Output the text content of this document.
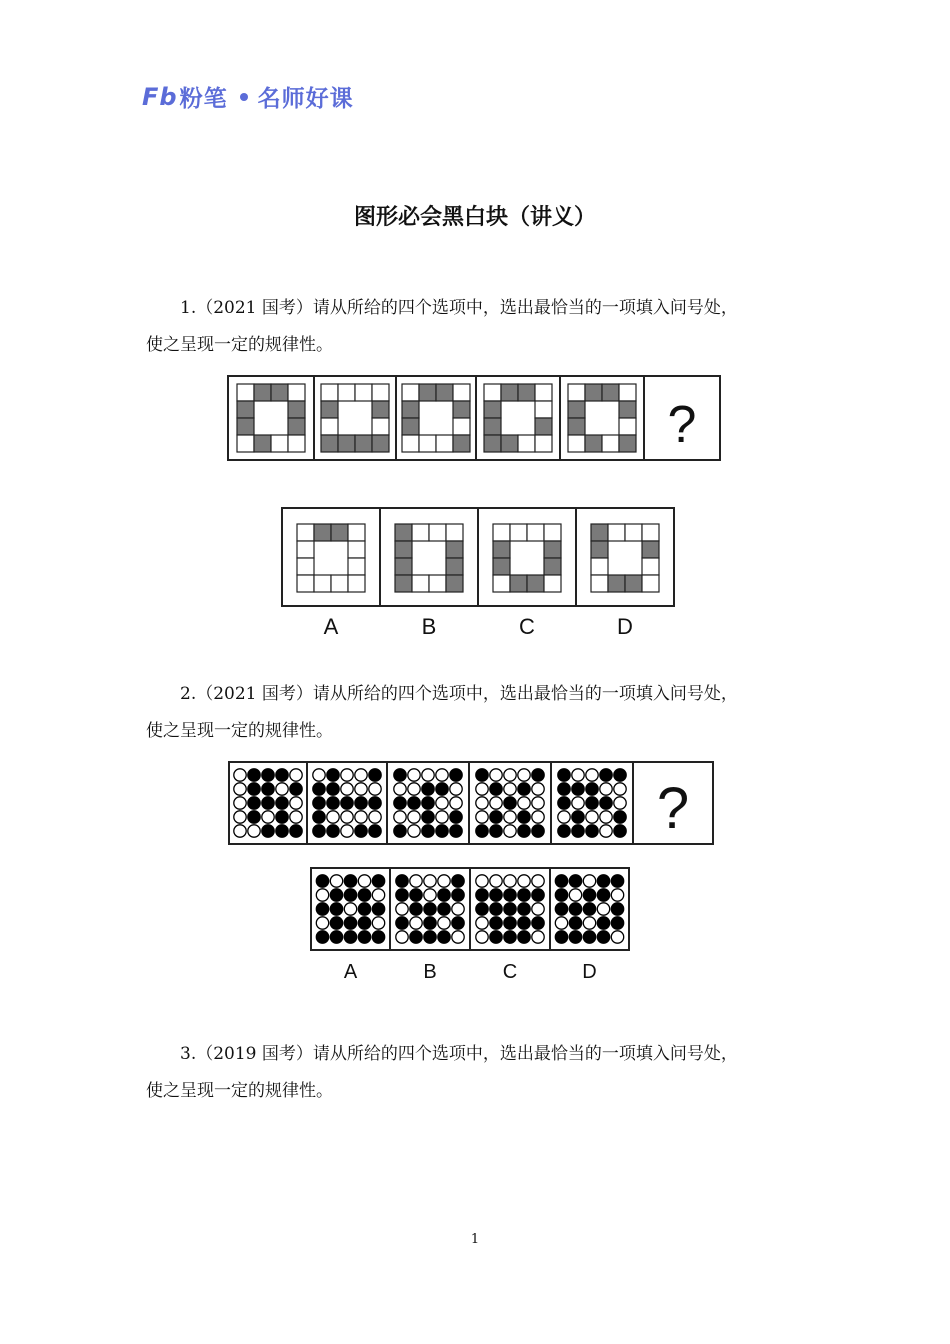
Fb 粉笔 名师好课
图形必会黑白块（讲义）
1.（2021 国考）请从所给的四个选项中，选出最恰当的一项填入问号处，
使之呈现一定的规律性。
?
A	B	C	D
2.（2021 国考）请从所给的四个选项中，选出最恰当的一项填入问号处，
使之呈现一定的规律性。
?
A	B	C	D
3.（2019 国考）请从所给的四个选项中，选出最恰当的一项填入问号处，
使之呈现一定的规律性。
1
